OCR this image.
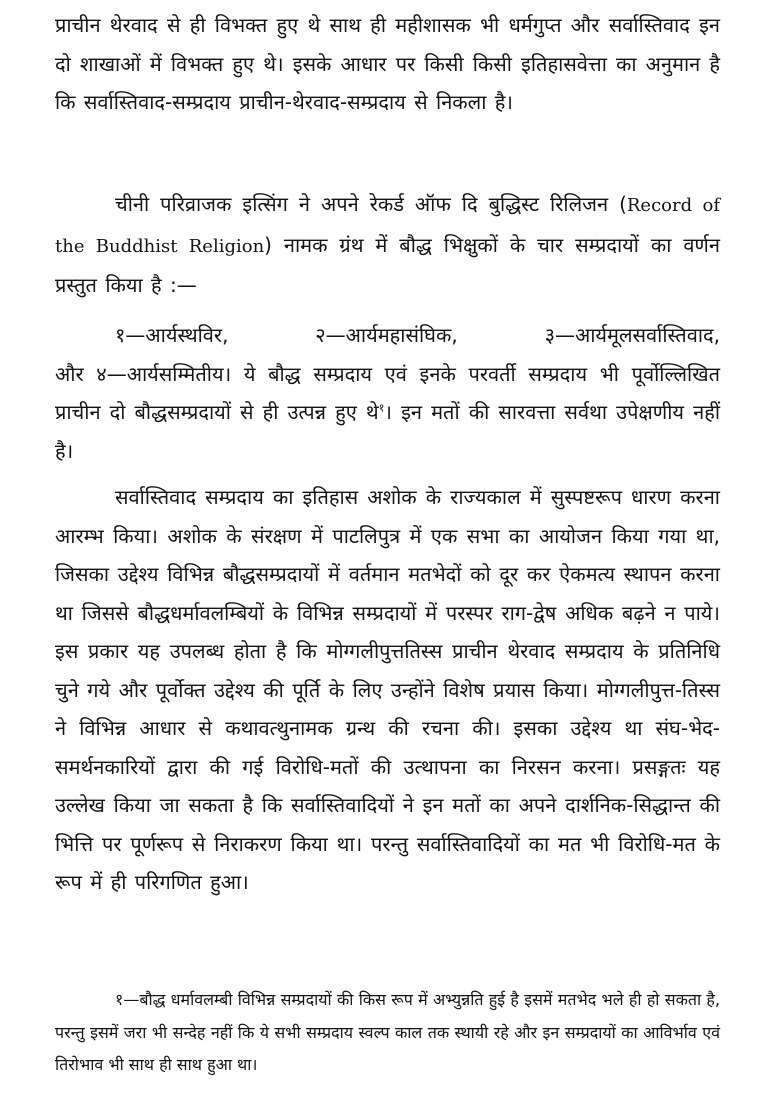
प्राचीन थेरवाद से ही विभक्त हुए थे साथ ही महीशासक भी धर्मगुप्त और सर्वास्तिवाद इन दो शाखाओं में विभक्त हुए थे। इसके आधार पर किसी किसी इतिहासवेत्ता का अनुमान है कि सर्वास्तिवाद-सम्प्रदाय प्राचीन-थेरवाद-सम्प्रदाय से निकला है।

चीनी परिव्राजक इत्सिंग ने अपने रेकर्ड ऑफ दि बुद्धिस्ट रिलिजन (Record of the Buddhist Religion) नामक ग्रंथ में बौद्ध भिक्षुकों के चार सम्प्रदायों का वर्णन प्रस्तुत किया है :—

१—आर्यस्थविर,	२—आर्यमहासंघिक,	३—आर्यमूलसर्वास्तिवाद,
और ४—आर्यसम्मितीय। ये बौद्ध सम्प्रदाय एवं इनके परवर्ती सम्प्रदाय भी पूर्वोल्लिखित प्राचीन दो बौद्धसम्प्रदायों से ही उत्पन्न हुए थे$^१$। इन मतों की सारवत्ता सर्वथा उपेक्षणीय नहीं है।

सर्वास्तिवाद सम्प्रदाय का इतिहास अशोक के राज्यकाल में सुस्पष्टरूप धारण करना आरम्भ किया। अशोक के संरक्षण में पाटलिपुत्र में एक सभा का आयोजन किया गया था, जिसका उद्देश्य विभिन्न बौद्धसम्प्रदायों में वर्तमान मतभेदों को दूर कर ऐकमत्य स्थापन करना था जिससे बौद्धधर्मावलम्बियों के विभिन्न सम्प्रदायों में परस्पर राग-द्वेष अधिक बढ़ने न पाये। इस प्रकार यह उपलब्ध होता है कि मोग्गलीपुत्ततिस्स प्राचीन थेरवाद सम्प्रदाय के प्रतिनिधि चुने गये और पूर्वोक्त उद्देश्य की पूर्ति के लिए उन्होंने विशेष प्रयास किया। मोग्गलीपुत्त-तिस्स ने विभिन्न आधार से कथावत्थुनामक ग्रन्थ की रचना की। इसका उद्देश्य था संघ-भेद-समर्थनकारियों द्वारा की गई विरोधि-मतों की उत्थापना का निरसन करना। प्रसङ्गतः यह उल्लेख किया जा सकता है कि सर्वास्तिवादियों ने इन मतों का अपने दार्शनिक-सिद्धान्त की भित्ति पर पूर्णरूप से निराकरण किया था। परन्तु सर्वास्तिवादियों का मत भी विरोधि-मत के रूप में ही परिगणित हुआ।

१—बौद्ध धर्मावलम्बी विभिन्न सम्प्रदायों की किस रूप में अभ्युन्नति हुई है इसमें मतभेद भले ही हो सकता है, परन्तु इसमें जरा भी सन्देह नहीं कि ये सभी सम्प्रदाय स्वल्प काल तक स्थायी रहे और इन सम्प्रदायों का आविर्भाव एवं तिरोभाव भी साथ ही साथ हुआ था।
